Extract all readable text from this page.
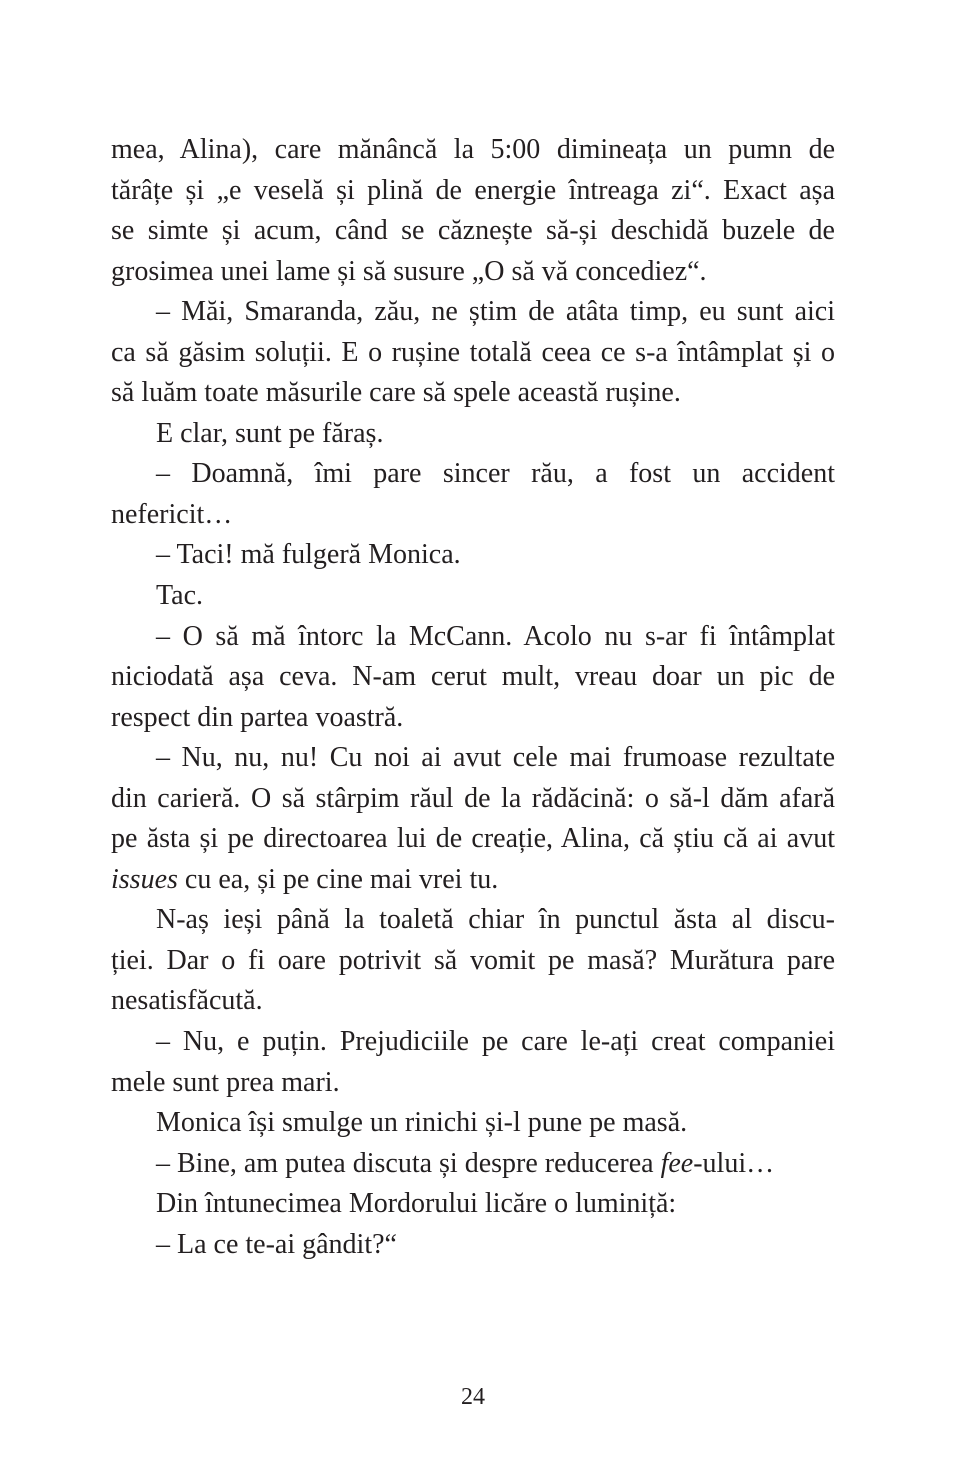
mea, Alina), care mănâncă la 5:00 dimineața un pumn de
tărâțe și „e veselă și plină de energie întreaga zi“. Exact așa
se simte și acum, când se căznește să-și deschidă buzele de
grosimea unei lame și să susure „O să vă concediez“.
– Măi, Smaranda, zău, ne știm de atâta timp, eu sunt aici
ca să găsim soluții. E o rușine totală ceea ce s-a întâmplat și o
să luăm toate măsurile care să spele această rușine.
E clar, sunt pe făraș.
– Doamnă, îmi pare sincer rău, a fost un accident
nefericit…
– Taci! mă fulgeră Monica.
Tac.
– O să mă întorc la McCann. Acolo nu s-ar fi întâmplat
niciodată așa ceva. N-am cerut mult, vreau doar un pic de
respect din partea voastră.
– Nu, nu, nu! Cu noi ai avut cele mai frumoase rezultate
din carieră. O să stârpim răul de la rădăcină: o să-l dăm afară
pe ăsta și pe directoarea lui de creație, Alina, că știu că ai avut
issues cu ea, și pe cine mai vrei tu.
N-aș ieși până la toaletă chiar în punctul ăsta al discu-
ției. Dar o fi oare potrivit să vomit pe masă? Murătura pare
nesatisfăcută.
– Nu, e puțin. Prejudiciile pe care le-ați creat companiei
mele sunt prea mari.
Monica își smulge un rinichi și-l pune pe masă.
– Bine, am putea discuta și despre reducerea fee-ului…
Din întunecimea Mordorului licăre o luminiță:
– La ce te-ai gândit?“
24
